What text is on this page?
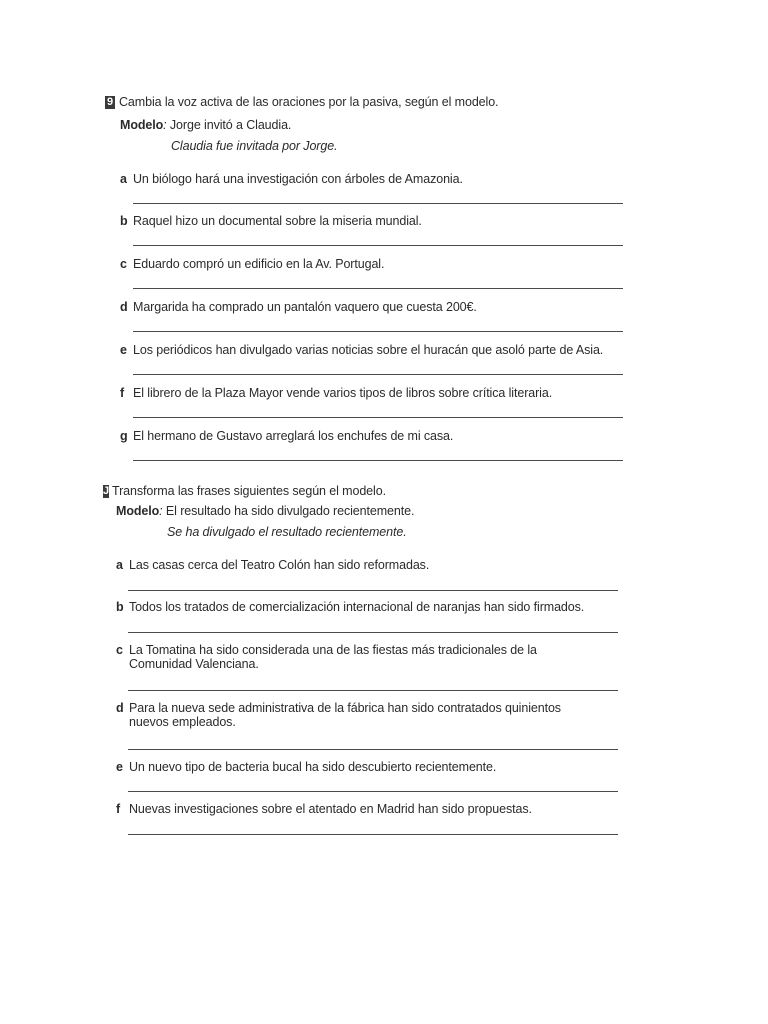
9 Cambia la voz activa de las oraciones por la pasiva, según el modelo.
Modelo: Jorge invitó a Claudia.
Claudia fue invitada por Jorge.
a Un biólogo hará una investigación con árboles de Amazonia.
b Raquel hizo un documental sobre la miseria mundial.
c Eduardo compró un edificio en la Av. Portugal.
d Margarida ha comprado un pantalón vaquero que cuesta 200€.
e Los periódicos han divulgado varias noticias sobre el huracán que asoló parte de Asia.
f El librero de la Plaza Mayor vende varios tipos de libros sobre crítica literaria.
g El hermano de Gustavo arreglará los enchufes de mi casa.
J Transforma las frases siguientes según el modelo.
Modelo: El resultado ha sido divulgado recientemente.
Se ha divulgado el resultado recientemente.
a Las casas cerca del Teatro Colón han sido reformadas.
b Todos los tratados de comercialización internacional de naranjas han sido firmados.
c La Tomatina ha sido considerada una de las fiestas más tradicionales de la Comunidad Valenciana.
d Para la nueva sede administrativa de la fábrica han sido contratados quinientos nuevos empleados.
e Un nuevo tipo de bacteria bucal ha sido descubierto recientemente.
f Nuevas investigaciones sobre el atentado en Madrid han sido propuestas.
